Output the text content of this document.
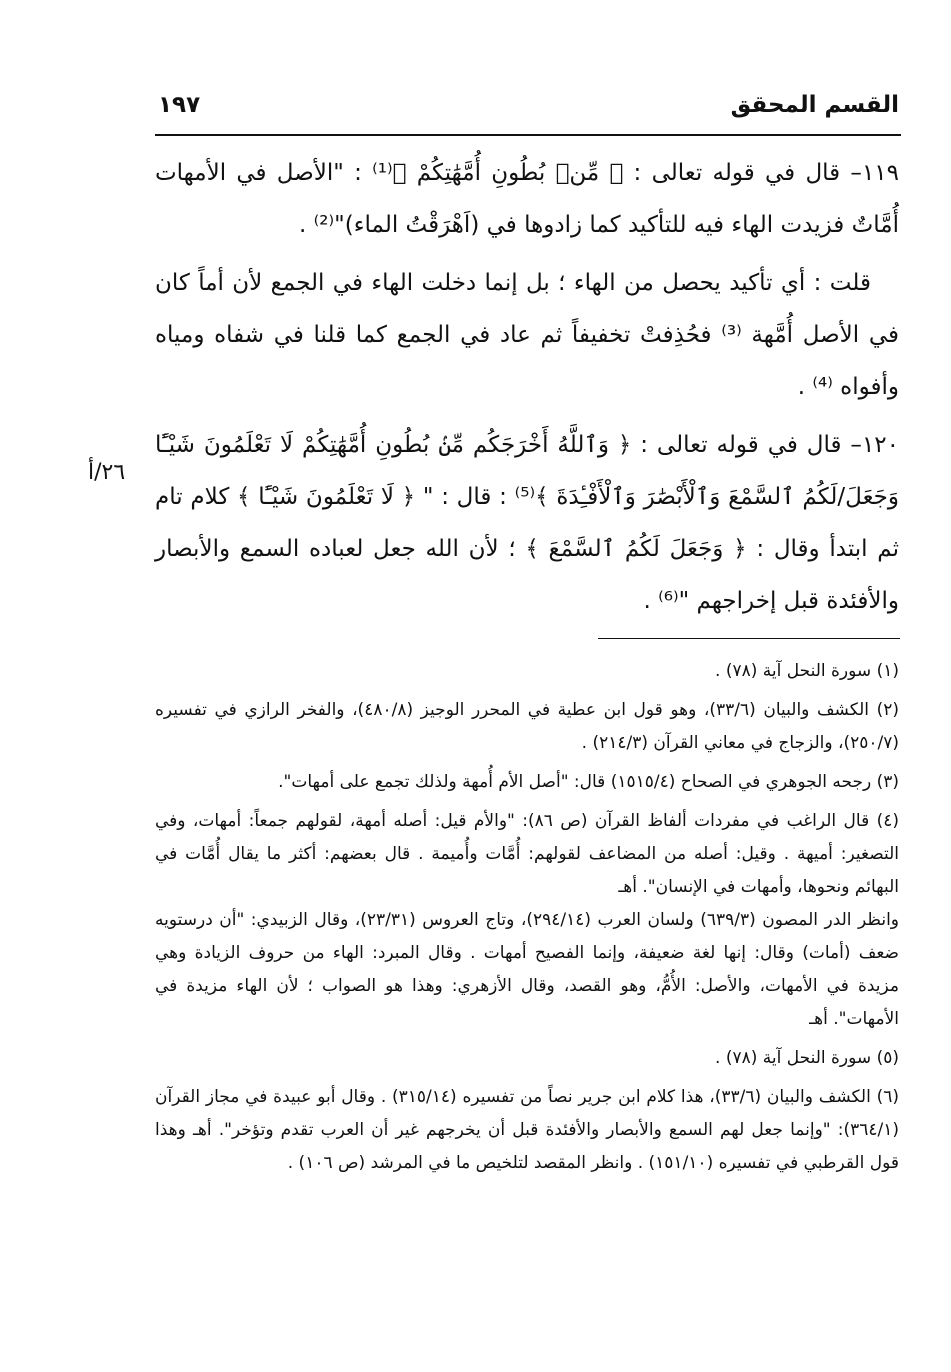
القسم المحقق
١٩٧
٢٦/أ

١١٩– قال في قوله تعالى : ﴿ مِّنۢ بُطُونِ أُمَّهَٰتِكُمْ ﴾⁽¹⁾ : "الأصل في الأمهات أُمَّاتٌ فزيدت الهاء فيه للتأكيد كما زادوها في (اَهْرَقْتُ الماء)"⁽²⁾ .

قلت : أي تأكيد يحصل من الهاء ؛ بل إنما دخلت الهاء في الجمع لأن أماً كان في الأصل أُمَّهة ⁽³⁾ فحُذِفتْ تخفيفاً ثم عاد في الجمع كما قلنا في شفاه ومياه وأفواه ⁽⁴⁾ .

١٢٠– قال في قوله تعالى : ﴿ وَٱللَّهُ أَخْرَجَكُم مِّنۢ بُطُونِ أُمَّهَٰتِكُمْ لَا تَعْلَمُونَ شَيْـًٔا وَجَعَلَ/لَكُمُ ٱلسَّمْعَ وَٱلْأَبْصَٰرَ وَٱلْأَفْـِٔدَةَ ﴾⁽⁵⁾ : قال : " ﴿ لَا تَعْلَمُونَ شَيْـًٔا ﴾ كلام تام ثم ابتدأ وقال : ﴿ وَجَعَلَ لَكُمُ ٱلسَّمْعَ ﴾ ؛ لأن الله جعل لعباده السمع والأبصار والأفئدة قبل إخراجهم "⁽⁶⁾ .

(١) سورة النحل آية (٧٨) .

(٢) الكشف والبيان (٣٣/٦)، وهو قول ابن عطية في المحرر الوجيز (٤٨٠/٨)، والفخر الرازي في تفسيره (٢٥٠/٧)، والزجاج في معاني القرآن (٢١٤/٣) .

(٣) رجحه الجوهري في الصحاح (١٥١٥/٤) قال: "أصل الأم أُمهة ولذلك تجمع على أمهات".

(٤) قال الراغب في مفردات ألفاظ القرآن (ص ٨٦): "والأم قيل: أصله أمهة، لقولهم جمعاً: أمهات، وفي التصغير: أميهة . وقيل: أصله من المضاعف لقولهم: أُمَّات وأُميمة . قال بعضهم: أكثر ما يقال أُمَّات في البهائم ونحوها، وأمهات في الإنسان". أهـ

وانظر الدر المصون (٦٣٩/٣) ولسان العرب (٢٩٤/١٤)، وتاج العروس (٢٣/٣١)، وقال الزبيدي: "أن درستويه ضعف (أمات) وقال: إنها لغة ضعيفة، وإنما الفصيح أمهات . وقال المبرد: الهاء من حروف الزيادة وهي مزيدة في الأمهات، والأصل: الأُمُّ، وهو القصد، وقال الأزهري: وهذا هو الصواب ؛ لأن الهاء مزيدة في الأمهات". أهـ

(٥) سورة النحل آية (٧٨) .

(٦) الكشف والبيان (٣٣/٦)، هذا كلام ابن جرير نصاً من تفسيره (٣١٥/١٤) . وقال أبو عبيدة في مجاز القرآن (٣٦٤/١): "وإنما جعل لهم السمع والأبصار والأفئدة قبل أن يخرجهم غير أن العرب تقدم وتؤخر". أهـ وهذا قول القرطبي في تفسيره (١٥١/١٠) . وانظر المقصد لتلخيص ما في المرشد (ص ١٠٦) .
